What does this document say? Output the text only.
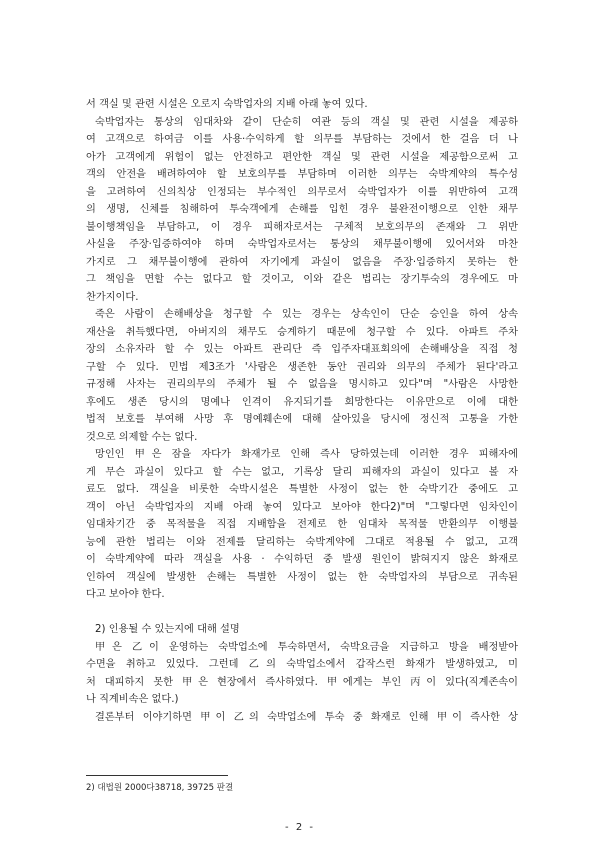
서 객실 및 관련 시설은 오로지 숙박업자의 지배 아래 놓여 있다.
숙박업자는 통상의 임대차와 같이 단순히 여관 등의 객실 및 관련 시설을 제공하
여 고객으로 하여금 이를 사용·수익하게 할 의무를 부담하는 것에서 한 걸음 더 나
아가 고객에게 위험이 없는 안전하고 편안한 객실 및 관련 시설을 제공함으로써 고
객의 안전을 배려하여야 할 보호의무를 부담하며 이러한 의무는 숙박계약의 특수성
을 고려하여 신의칙상 인정되는 부수적인 의무로서 숙박업자가 이를 위반하여 고객
의 생명, 신체를 침해하여 투숙객에게 손해를 입힌 경우 불완전이행으로 인한 채무
불이행책임을 부담하고, 이 경우 피해자로서는 구체적 보호의무의 존재와 그 위반
사실을 주장·입증하여야 하며 숙박업자로서는 통상의 채무불이행에 있어서와 마찬
가지로 그 채무불이행에 관하여 자기에게 과실이 없음을 주장·입증하지 못하는 한
그 책임을 면할 수는 없다고 할 것이고, 이와 같은 법리는 장기투숙의 경우에도 마
찬가지이다.
죽은 사람이 손해배상을 청구할 수 있는 경우는 상속인이 단순 승인을 하여 상속
재산을 취득했다면, 아버지의 채무도 승계하기 때문에 청구할 수 있다. 아파트 주차
장의 소유자라 할 수 있는 아파트 관리단 즉 입주자대표회의에 손해배상을 직접 청
구할 수 있다. 민법 제3조가 '사람은 생존한 동안 권리와 의무의 주체가 된다'라고
규정해 사자는 권리의무의 주체가 될 수 없음을 명시하고 있다"며 "사람은 사망한
후에도 생존 당시의 명예나 인격이 유지되기를 희망한다는 이유만으로 이에 대한
법적 보호를 부여해 사망 후 명예훼손에 대해 살아있을 당시에 정신적 고통을 가한
것으로 의제할 수는 없다.
망인인 甲은 잠을 자다가 화재가로 인해 즉사 당하였는데 이러한 경우 피해자에
게 무슨 과실이 있다고 할 수는 없고, 기록상 달리 피해자의 과실이 있다고 볼 자
료도 없다. 객실을 비롯한 숙박시설은 특별한 사정이 없는 한 숙박기간 중에도 고
객이 아닌 숙박업자의 지배 아래 놓여 있다고 보아야 한다2)"며 "그렇다면 임차인이
임대차기간 중 목적물을 직접 지배함을 전제로 한 임대차 목적물 반환의무 이행불
능에 관한 법리는 이와 전제를 달리하는 숙박계약에 그대로 적용될 수 없고, 고객
이 숙박계약에 따라 객실을 사용 · 수익하던 중 발생 원인이 밝혀지지 않은 화재로
인하여 객실에 발생한 손해는 특별한 사정이 없는 한 숙박업자의 부담으로 귀속된
다고 보아야 한다.
2) 인용될 수 있는지에 대해 설명
甲은 乙이 운영하는 숙박업소에 투숙하면서, 숙박요금을 지급하고 방을 배정받아
수면을 취하고 있었다. 그런데 乙의 숙박업소에서 갑작스런 화재가 발생하였고, 미
처 대피하지 못한 甲은 현장에서 즉사하였다. 甲에게는 부인 丙이 있다(직계존속이
나 직계비속은 없다.)
결론부터 이야기하면 甲이 乙의 숙박업소에 투숙 중 화재로 인해 甲이 즉사한 상
2) 대법원 2000다38718, 39725 판결
- 2 -
